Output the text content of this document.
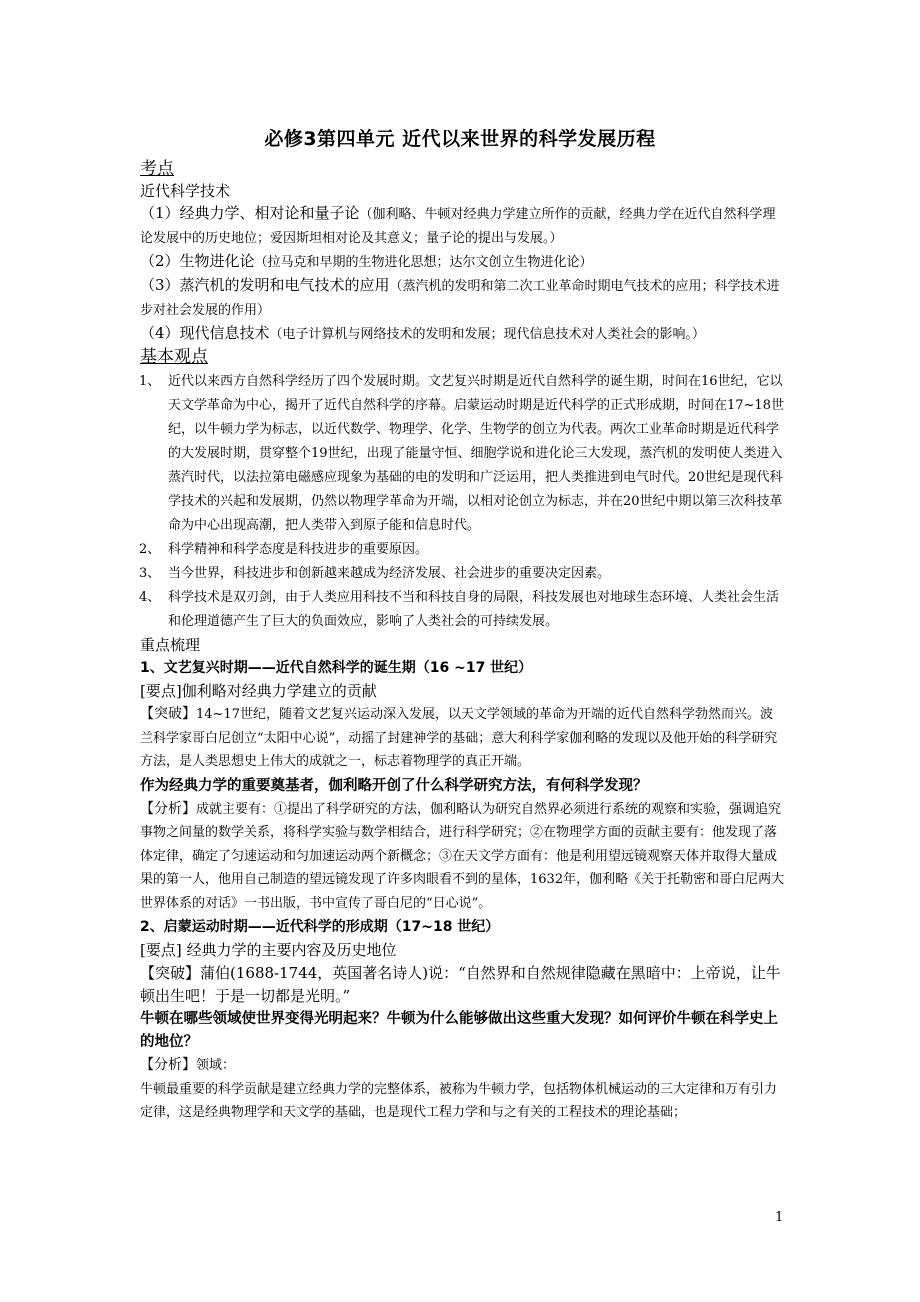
必修3第四单元 近代以来世界的科学发展历程

考点

近代科学技术

（1）经典力学、相对论和量子论（伽利略、牛顿对经典力学建立所作的贡献，经典力学在近代自然科学理论发展中的历史地位；爱因斯坦相对论及其意义；量子论的提出与发展。）

（2）生物进化论（拉马克和早期的生物进化思想；达尔文创立生物进化论）

（3）蒸汽机的发明和电气技术的应用（蒸汽机的发明和第二次工业革命时期电气技术的应用；科学技术进步对社会发展的作用）

（4）现代信息技术（电子计算机与网络技术的发明和发展；现代信息技术对人类社会的影响。）

基本观点

1、 近代以来西方自然科学经历了四个发展时期。文艺复兴时期是近代自然科学的诞生期，时间在16世纪，它以天文学革命为中心，揭开了近代自然科学的序幕。启蒙运动时期是近代科学的正式形成期，时间在17~18世纪，以牛顿力学为标志，以近代数学、物理学、化学、生物学的创立为代表。两次工业革命时期是近代科学的大发展时期，贯穿整个19世纪，出现了能量守恒、细胞学说和进化论三大发现，蒸汽机的发明使人类进入蒸汽时代，以法拉第电磁感应现象为基础的电的发明和广泛运用，把人类推进到电气时代。20世纪是现代科学技术的兴起和发展期，仍然以物理学革命为开端，以相对论创立为标志，并在20世纪中期以第三次科技革命为中心出现高潮，把人类带入到原子能和信息时代。
2、 科学精神和科学态度是科技进步的重要原因。
3、 当今世界，科技进步和创新越来越成为经济发展、社会进步的重要决定因素。
4、 科学技术是双刃剑，由于人类应用科技不当和科技自身的局限，科技发展也对地球生态环境、人类社会生活和伦理道德产生了巨大的负面效应，影响了人类社会的可持续发展。

重点梳理

1、文艺复兴时期——近代自然科学的诞生期（16 ~17 世纪）

[要点]伽利略对经典力学建立的贡献

【突破】14~17世纪，随着文艺复兴运动深入发展，以天文学领域的革命为开端的近代自然科学勃然而兴。波兰科学家哥白尼创立“太阳中心说”，动摇了封建神学的基础；意大利科学家伽利略的发现以及他开始的科学研究方法，是人类思想史上伟大的成就之一，标志着物理学的真正开端。

作为经典力学的重要奠基者，伽利略开创了什么科学研究方法，有何科学发现？

【分析】成就主要有：①提出了科学研究的方法，伽利略认为研究自然界必须进行系统的观察和实验，强调追究事物之间量的数学关系，将科学实验与数学相结合，进行科学研究；②在物理学方面的贡献主要有：他发现了落体定律，确定了匀速运动和匀加速运动两个新概念；③在天文学方面有：他是利用望远镜观察天体并取得大量成果的第一人，他用自己制造的望远镜发现了许多肉眼看不到的星体，1632年，伽利略《关于托勒密和哥白尼两大世界体系的对话》一书出版，书中宣传了哥白尼的“日心说”。

2、启蒙运动时期——近代科学的形成期（17~18 世纪）

[要点] 经典力学的主要内容及历史地位

【突破】蒲伯(1688-1744，英国著名诗人)说：“自然界和自然规律隐藏在黑暗中：上帝说，让牛顿出生吧！于是一切都是光明。”

牛顿在哪些领域使世界变得光明起来？牛顿为什么能够做出这些重大发现？如何评价牛顿在科学史上的地位？

【分析】领域：

牛顿最重要的科学贡献是建立经典力学的完整体系，被称为牛顿力学，包括物体机械运动的三大定律和万有引力定律，这是经典物理学和天文学的基础，也是现代工程力学和与之有关的工程技术的理论基础；

1
